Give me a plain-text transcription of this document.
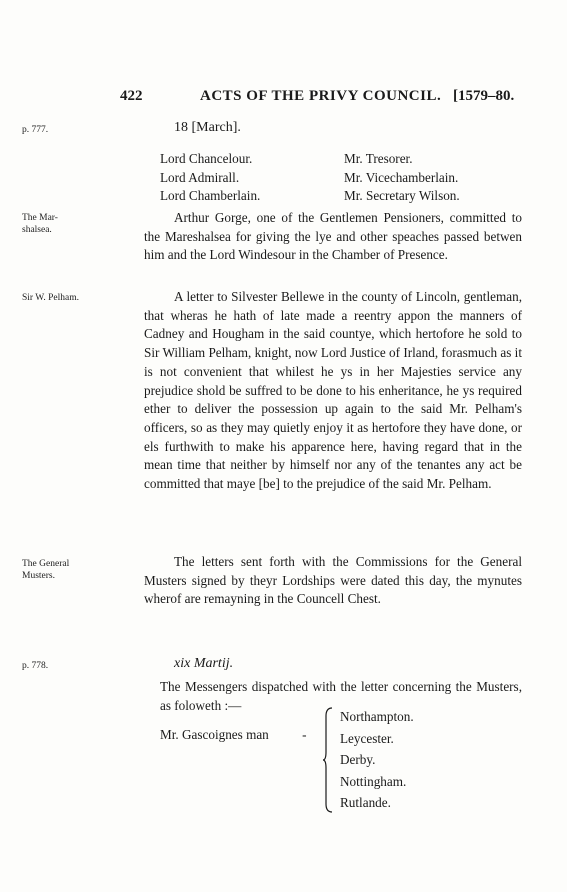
422	ACTS OF THE PRIVY COUNCIL. [1579–80.
p. 777.	18 [March].
Lord Chancelour.	Mr. Tresorer.
Lord Admirall.	Mr. Vicechamberlain.
Lord Chamberlain.	Mr. Secretary Wilson.
The Mar-
shalsea.

Arthur Gorge, one of the Gentlemen Pensioners, committed to the Mareshalsea for giving the lye and other speaches passed betwen him and the Lord Windesour in the Chamber of Presence.

Sir W. Pelham.	A letter to Silvester Bellewe in the county of Lincoln, gentleman, that wheras he hath of late made a reentry appon the manners of Cadney and Hougham in the said countye, which hertofore he sold to Sir William Pelham, knight, now Lord Justice of Irland, forasmuch as it is not convenient that whilest he ys in her Majesties service any prejudice shold be suffred to be done to his enheritance, he ys required ether to deliver the possession up again to the said Mr. Pelham's officers, so as they may quietly enjoy it as hertofore they have done, or els furthwith to make his apparence here, having regard that in the mean time that neither by himself nor any of the tenantes any act be committed that maye [be] to the prejudice of the said Mr. Pelham.

The General
Musters.

The letters sent forth with the Commissions for the General Musters signed by theyr Lordships were dated this day, the mynutes wherof are remayning in the Councell Chest.

p. 778.	xix Martij.

The Messengers dispatched with the letter concerning the Musters, as foloweth :—

Mr. Gascoignes man	-
Northampton.
Leycester.
Derby.
Nottingham.
Rutlande.
